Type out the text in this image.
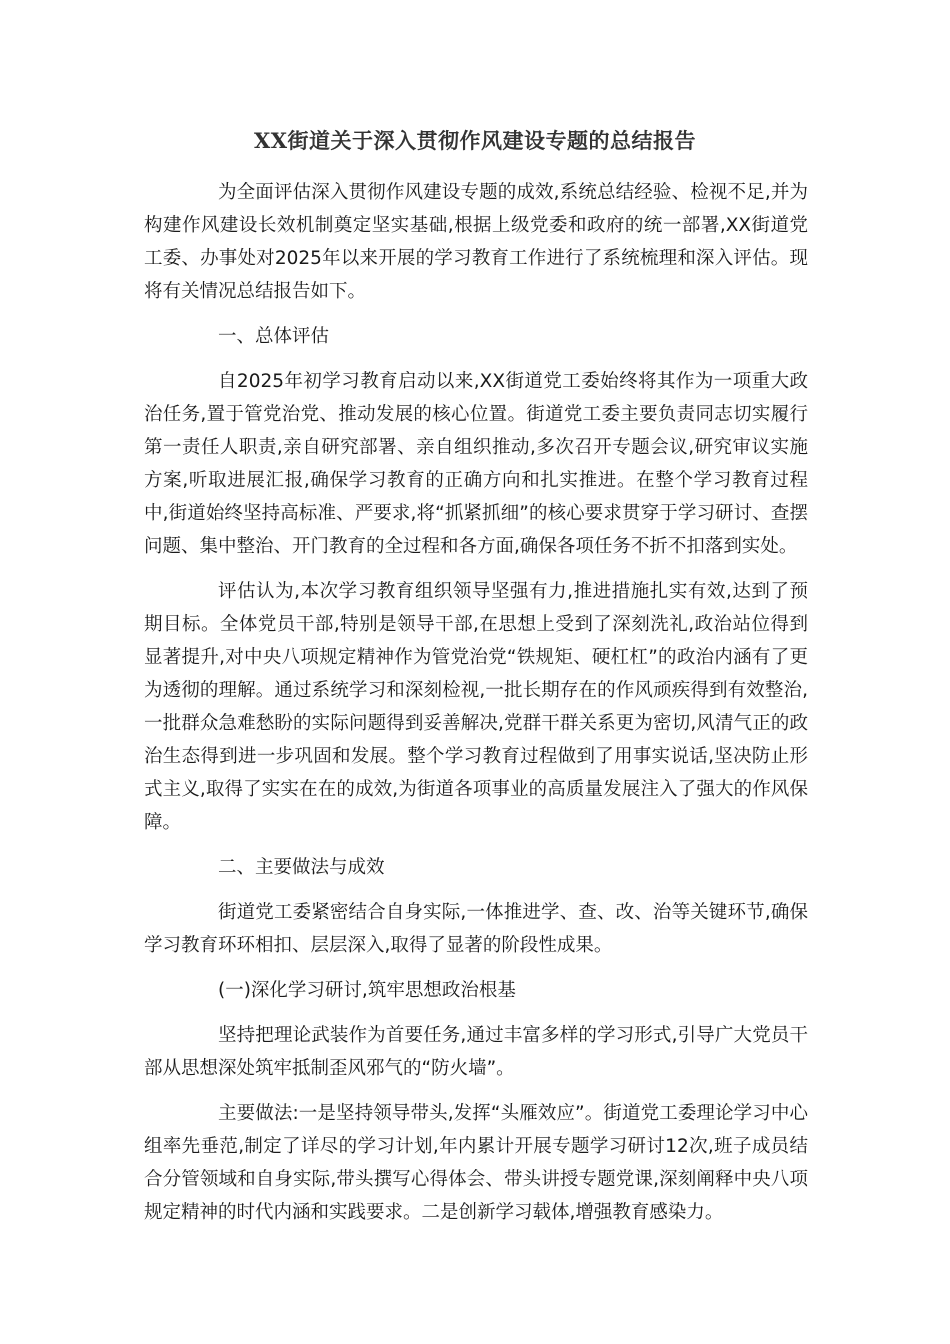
XX街道关于深入贯彻作风建设专题的总结报告

为全面评估深入贯彻作风建设专题的成效,系统总结经验、检视不足,并为构建作风建设长效机制奠定坚实基础,根据上级党委和政府的统一部署,XX街道党工委、办事处对2025年以来开展的学习教育工作进行了系统梳理和深入评估。现将有关情况总结报告如下。

一、总体评估

自2025年初学习教育启动以来,XX街道党工委始终将其作为一项重大政治任务,置于管党治党、推动发展的核心位置。街道党工委主要负责同志切实履行第一责任人职责,亲自研究部署、亲自组织推动,多次召开专题会议,研究审议实施方案,听取进展汇报,确保学习教育的正确方向和扎实推进。在整个学习教育过程中,街道始终坚持高标准、严要求,将“抓紧抓细”的核心要求贯穿于学习研讨、查摆问题、集中整治、开门教育的全过程和各方面,确保各项任务不折不扣落到实处。

评估认为,本次学习教育组织领导坚强有力,推进措施扎实有效,达到了预期目标。全体党员干部,特别是领导干部,在思想上受到了深刻洗礼,政治站位得到显著提升,对中央八项规定精神作为管党治党“铁规矩、硬杠杠”的政治内涵有了更为透彻的理解。通过系统学习和深刻检视,一批长期存在的作风顽疾得到有效整治,一批群众急难愁盼的实际问题得到妥善解决,党群干群关系更为密切,风清气正的政治生态得到进一步巩固和发展。整个学习教育过程做到了用事实说话,坚决防止形式主义,取得了实实在在的成效,为街道各项事业的高质量发展注入了强大的作风保障。

二、主要做法与成效

街道党工委紧密结合自身实际,一体推进学、查、改、治等关键环节,确保学习教育环环相扣、层层深入,取得了显著的阶段性成果。

(一)深化学习研讨,筑牢思想政治根基

坚持把理论武装作为首要任务,通过丰富多样的学习形式,引导广大党员干部从思想深处筑牢抵制歪风邪气的“防火墙”。

主要做法:一是坚持领导带头,发挥“头雁效应”。街道党工委理论学习中心组率先垂范,制定了详尽的学习计划,年内累计开展专题学习研讨12次,班子成员结合分管领域和自身实际,带头撰写心得体会、带头讲授专题党课,深刻阐释中央八项规定精神的时代内涵和实践要求。二是创新学习载体,增强教育感染力。
